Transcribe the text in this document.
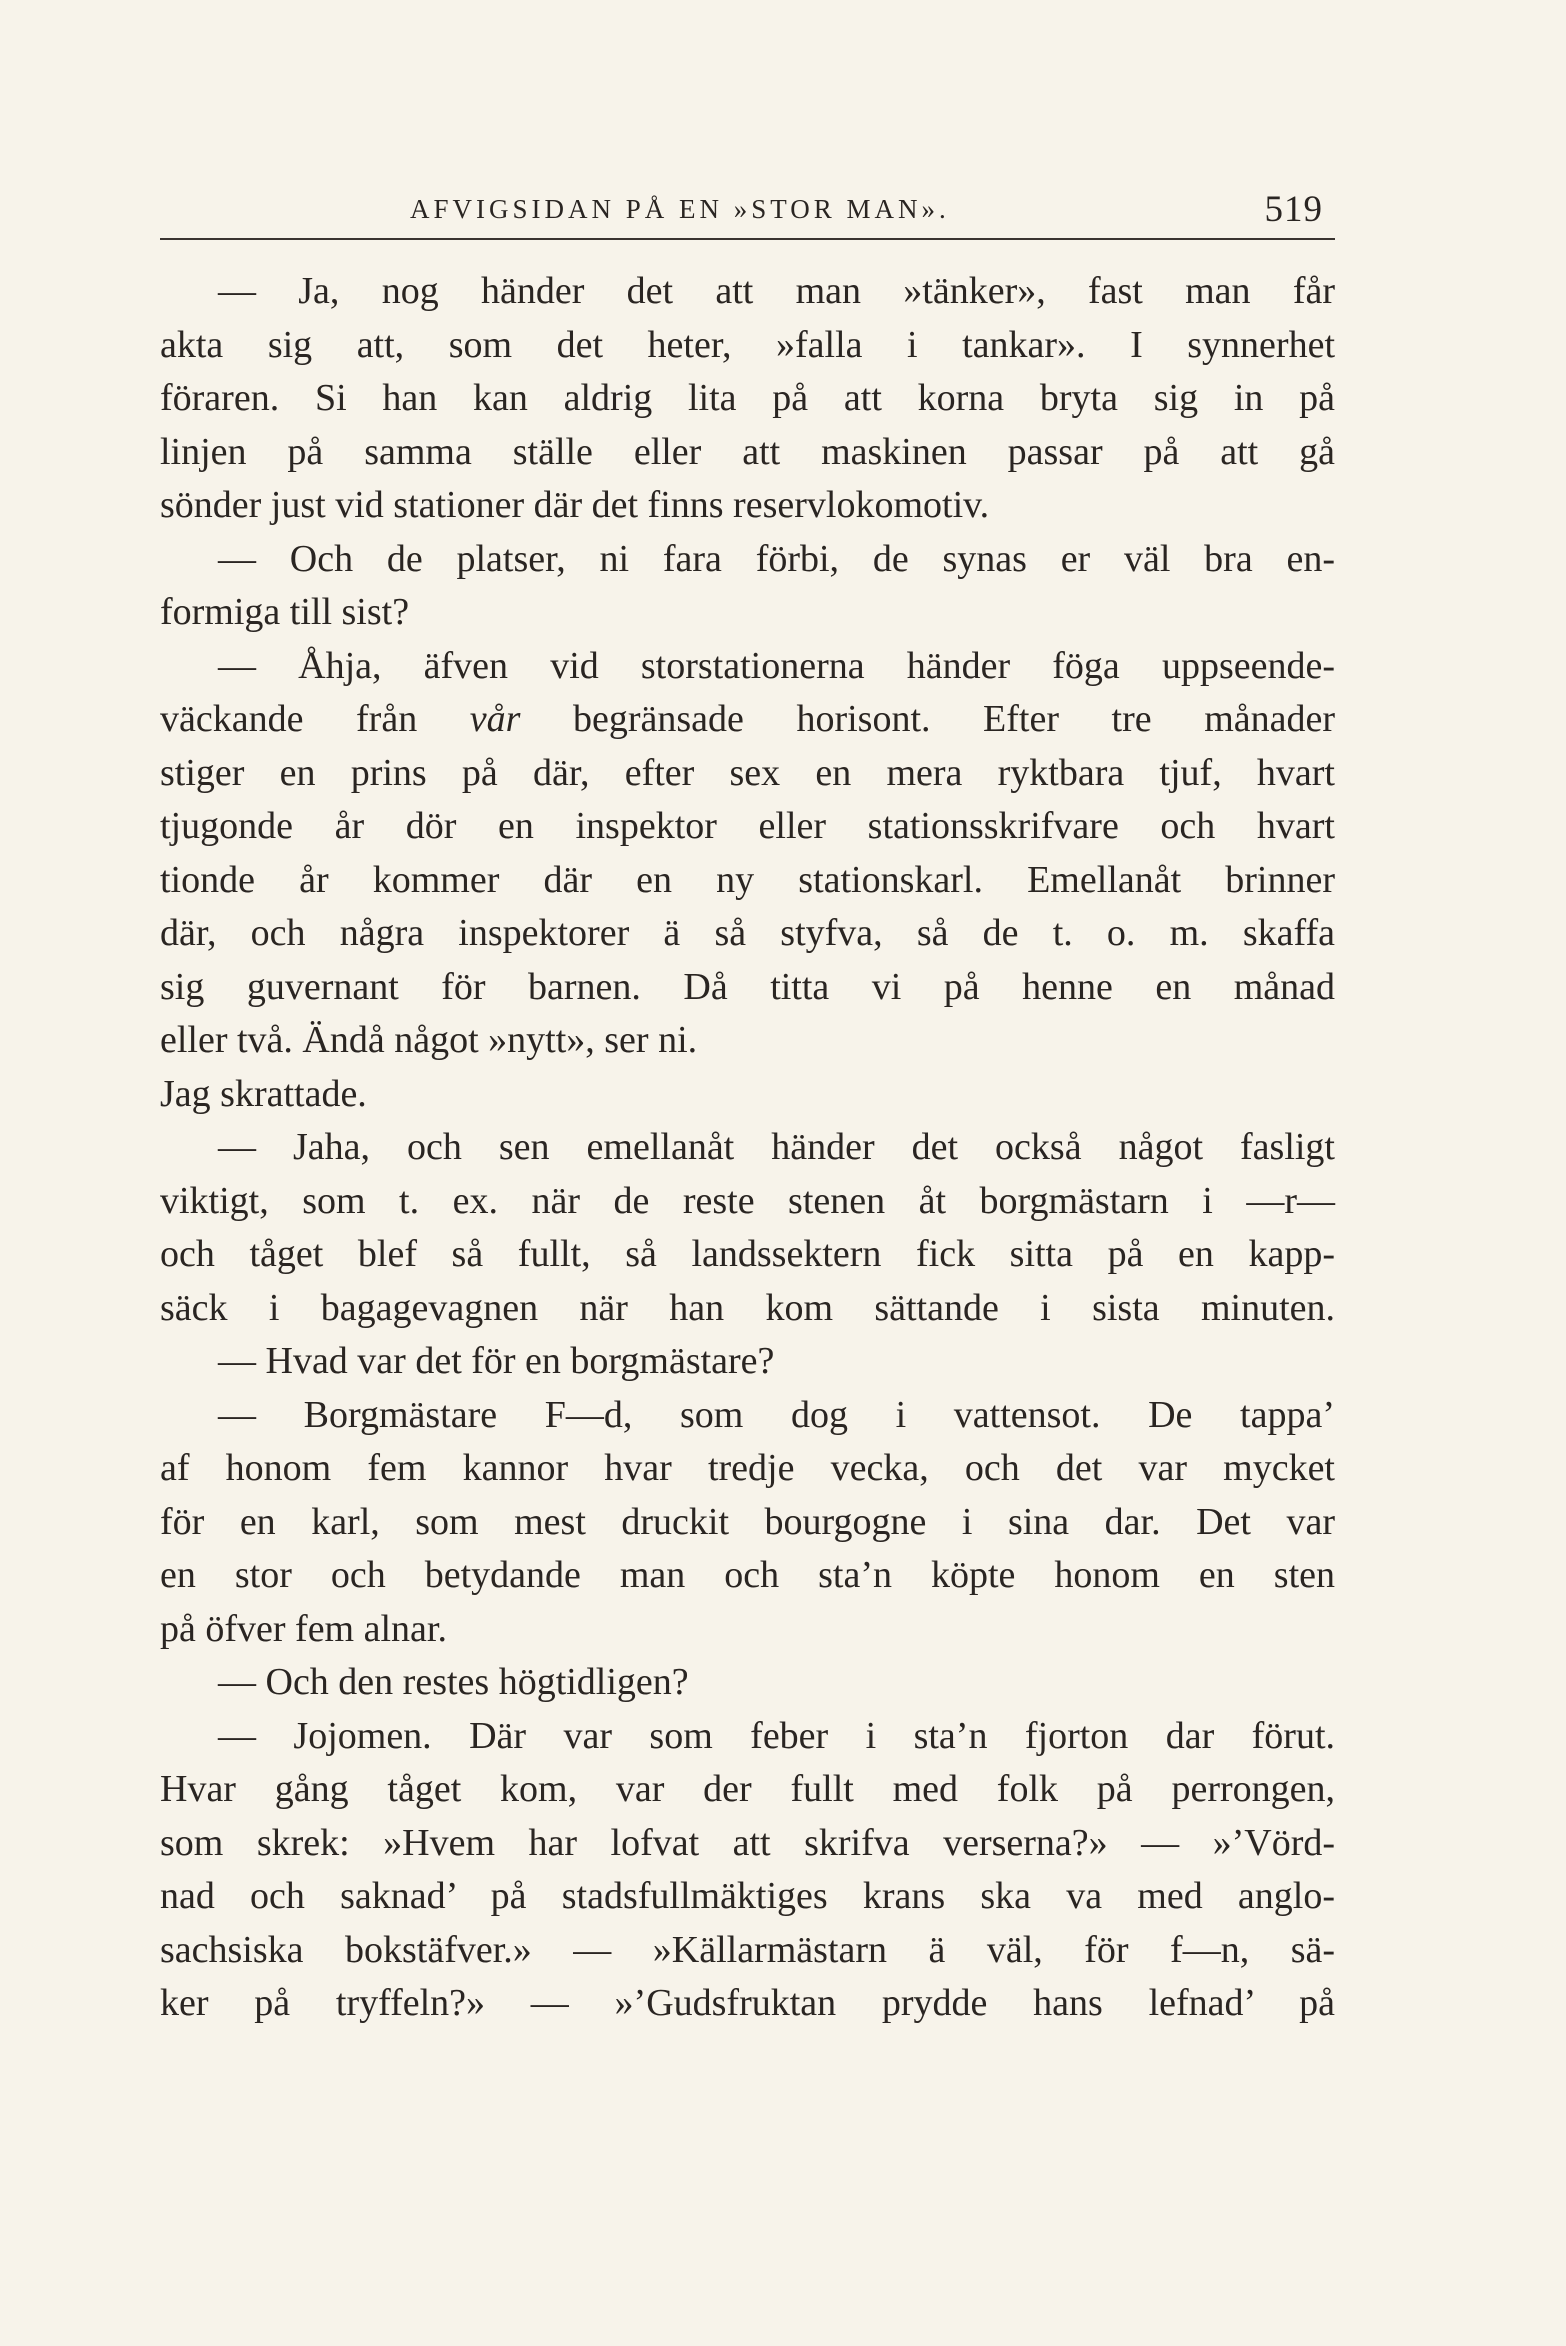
AFVIGSIDAN PÅ EN »STOR MAN».	519
— Ja, nog händer det att man »tänker», fast man får
akta sig att, som det heter, »falla i tankar». I synnerhet
föraren. Si han kan aldrig lita på att korna bryta sig in på
linjen på samma ställe eller att maskinen passar på att gå
sönder just vid stationer där det finns reservlokomotiv.
— Och de platser, ni fara förbi, de synas er väl bra en-
formiga till sist?
— Åhja, äfven vid storstationerna händer föga uppseende-
väckande från vår begränsade horisont. Efter tre månader
stiger en prins på där, efter sex en mera ryktbara tjuf, hvart
tjugonde år dör en inspektor eller stationsskrifvare och hvart
tionde år kommer där en ny stationskarl. Emellanåt brinner
där, och några inspektorer ä så styfva, så de t. o. m. skaffa
sig guvernant för barnen. Då titta vi på henne en månad
eller två. Ändå något »nytt», ser ni.
Jag skrattade.
— Jaha, och sen emellanåt händer det också något fasligt
viktigt, som t. ex. när de reste stenen åt borgmästarn i —r—
och tåget blef så fullt, så landssektern fick sitta på en kapp-
säck i bagagevagnen när han kom sättande i sista minuten.
— Hvad var det för en borgmästare?
— Borgmästare F—d, som dog i vattensot. De tappa’
af honom fem kannor hvar tredje vecka, och det var mycket
för en karl, som mest druckit bourgogne i sina dar. Det var
en stor och betydande man och sta’n köpte honom en sten
på öfver fem alnar.
— Och den restes högtidligen?
— Jojomen. Där var som feber i sta’n fjorton dar förut.
Hvar gång tåget kom, var der fullt med folk på perrongen,
som skrek: »Hvem har lofvat att skrifva verserna?» — »’Vörd-
nad och saknad’ på stadsfullmäktiges krans ska va med anglo-
sachsiska bokstäfver.» — »Källarmästarn ä väl, för f—n, sä-
ker på tryffeln?» — »’Gudsfruktan prydde hans lefnad’ på
